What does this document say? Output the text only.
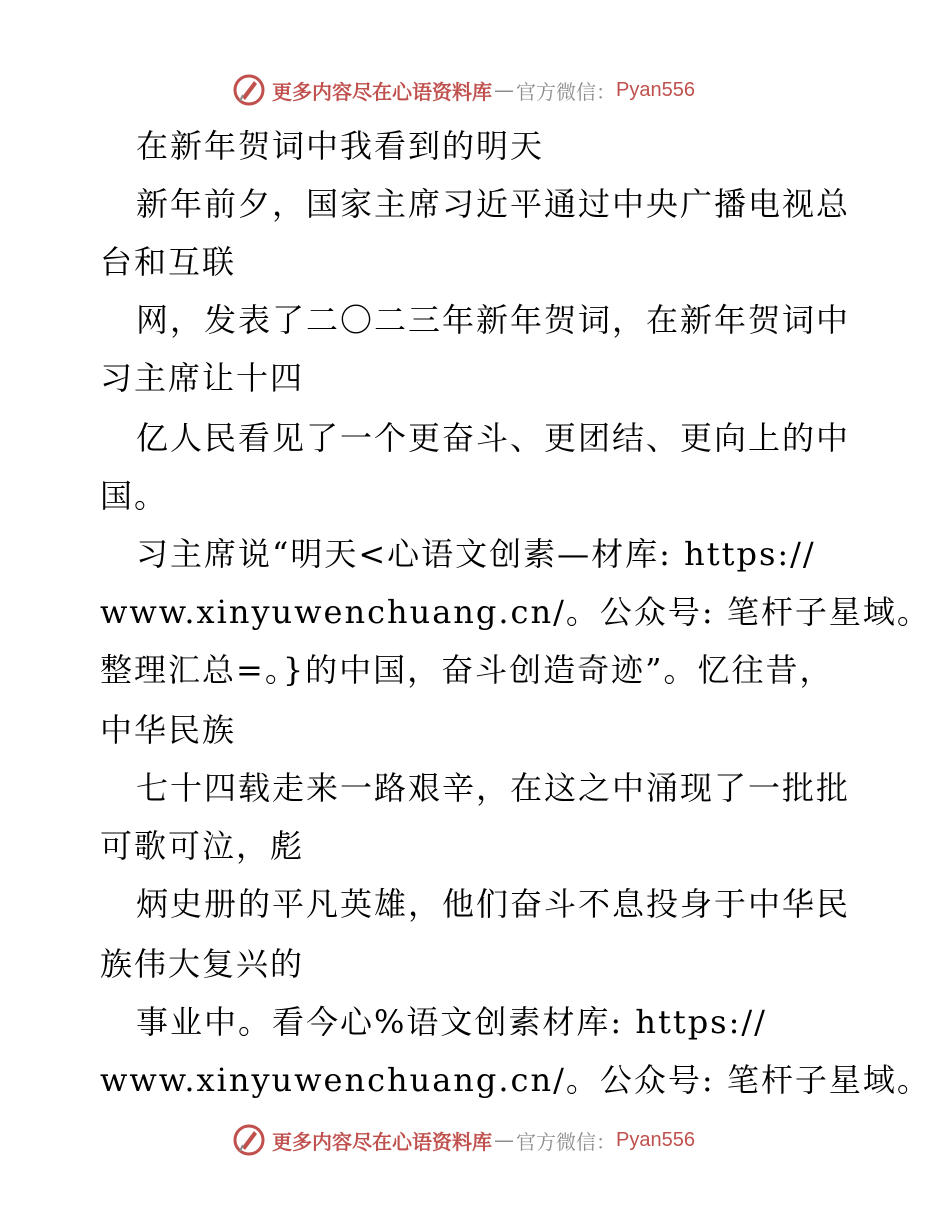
更多内容尽在心语资料库 — 官方微信： Pyan556
在新年贺词中我看到的明天
新年前夕，国家主席习近平通过中央广播电视总
台和互联
网，发表了二〇二三年新年贺词，在新年贺词中
习主席让十四
亿人民看见了一个更奋斗、更团结、更向上的中
国。
习主席说“明天<心语文创素—材库: https://
www.xinyuwenchuang.cn/。公众号: 笔杆子星域。
整理汇总=。}的中国，奋斗创造奇迹”。忆往昔，
中华民族
七十四载走来一路艰辛，在这之中涌现了一批批
可歌可泣，彪
炳史册的平凡英雄，他们奋斗不息投身于中华民
族伟大复兴的
事业中。看今心%语文创素材库: https://
www.xinyuwenchuang.cn/。公众号: 笔杆子星域。
更多内容尽在心语资料库 — 官方微信： Pyan556
